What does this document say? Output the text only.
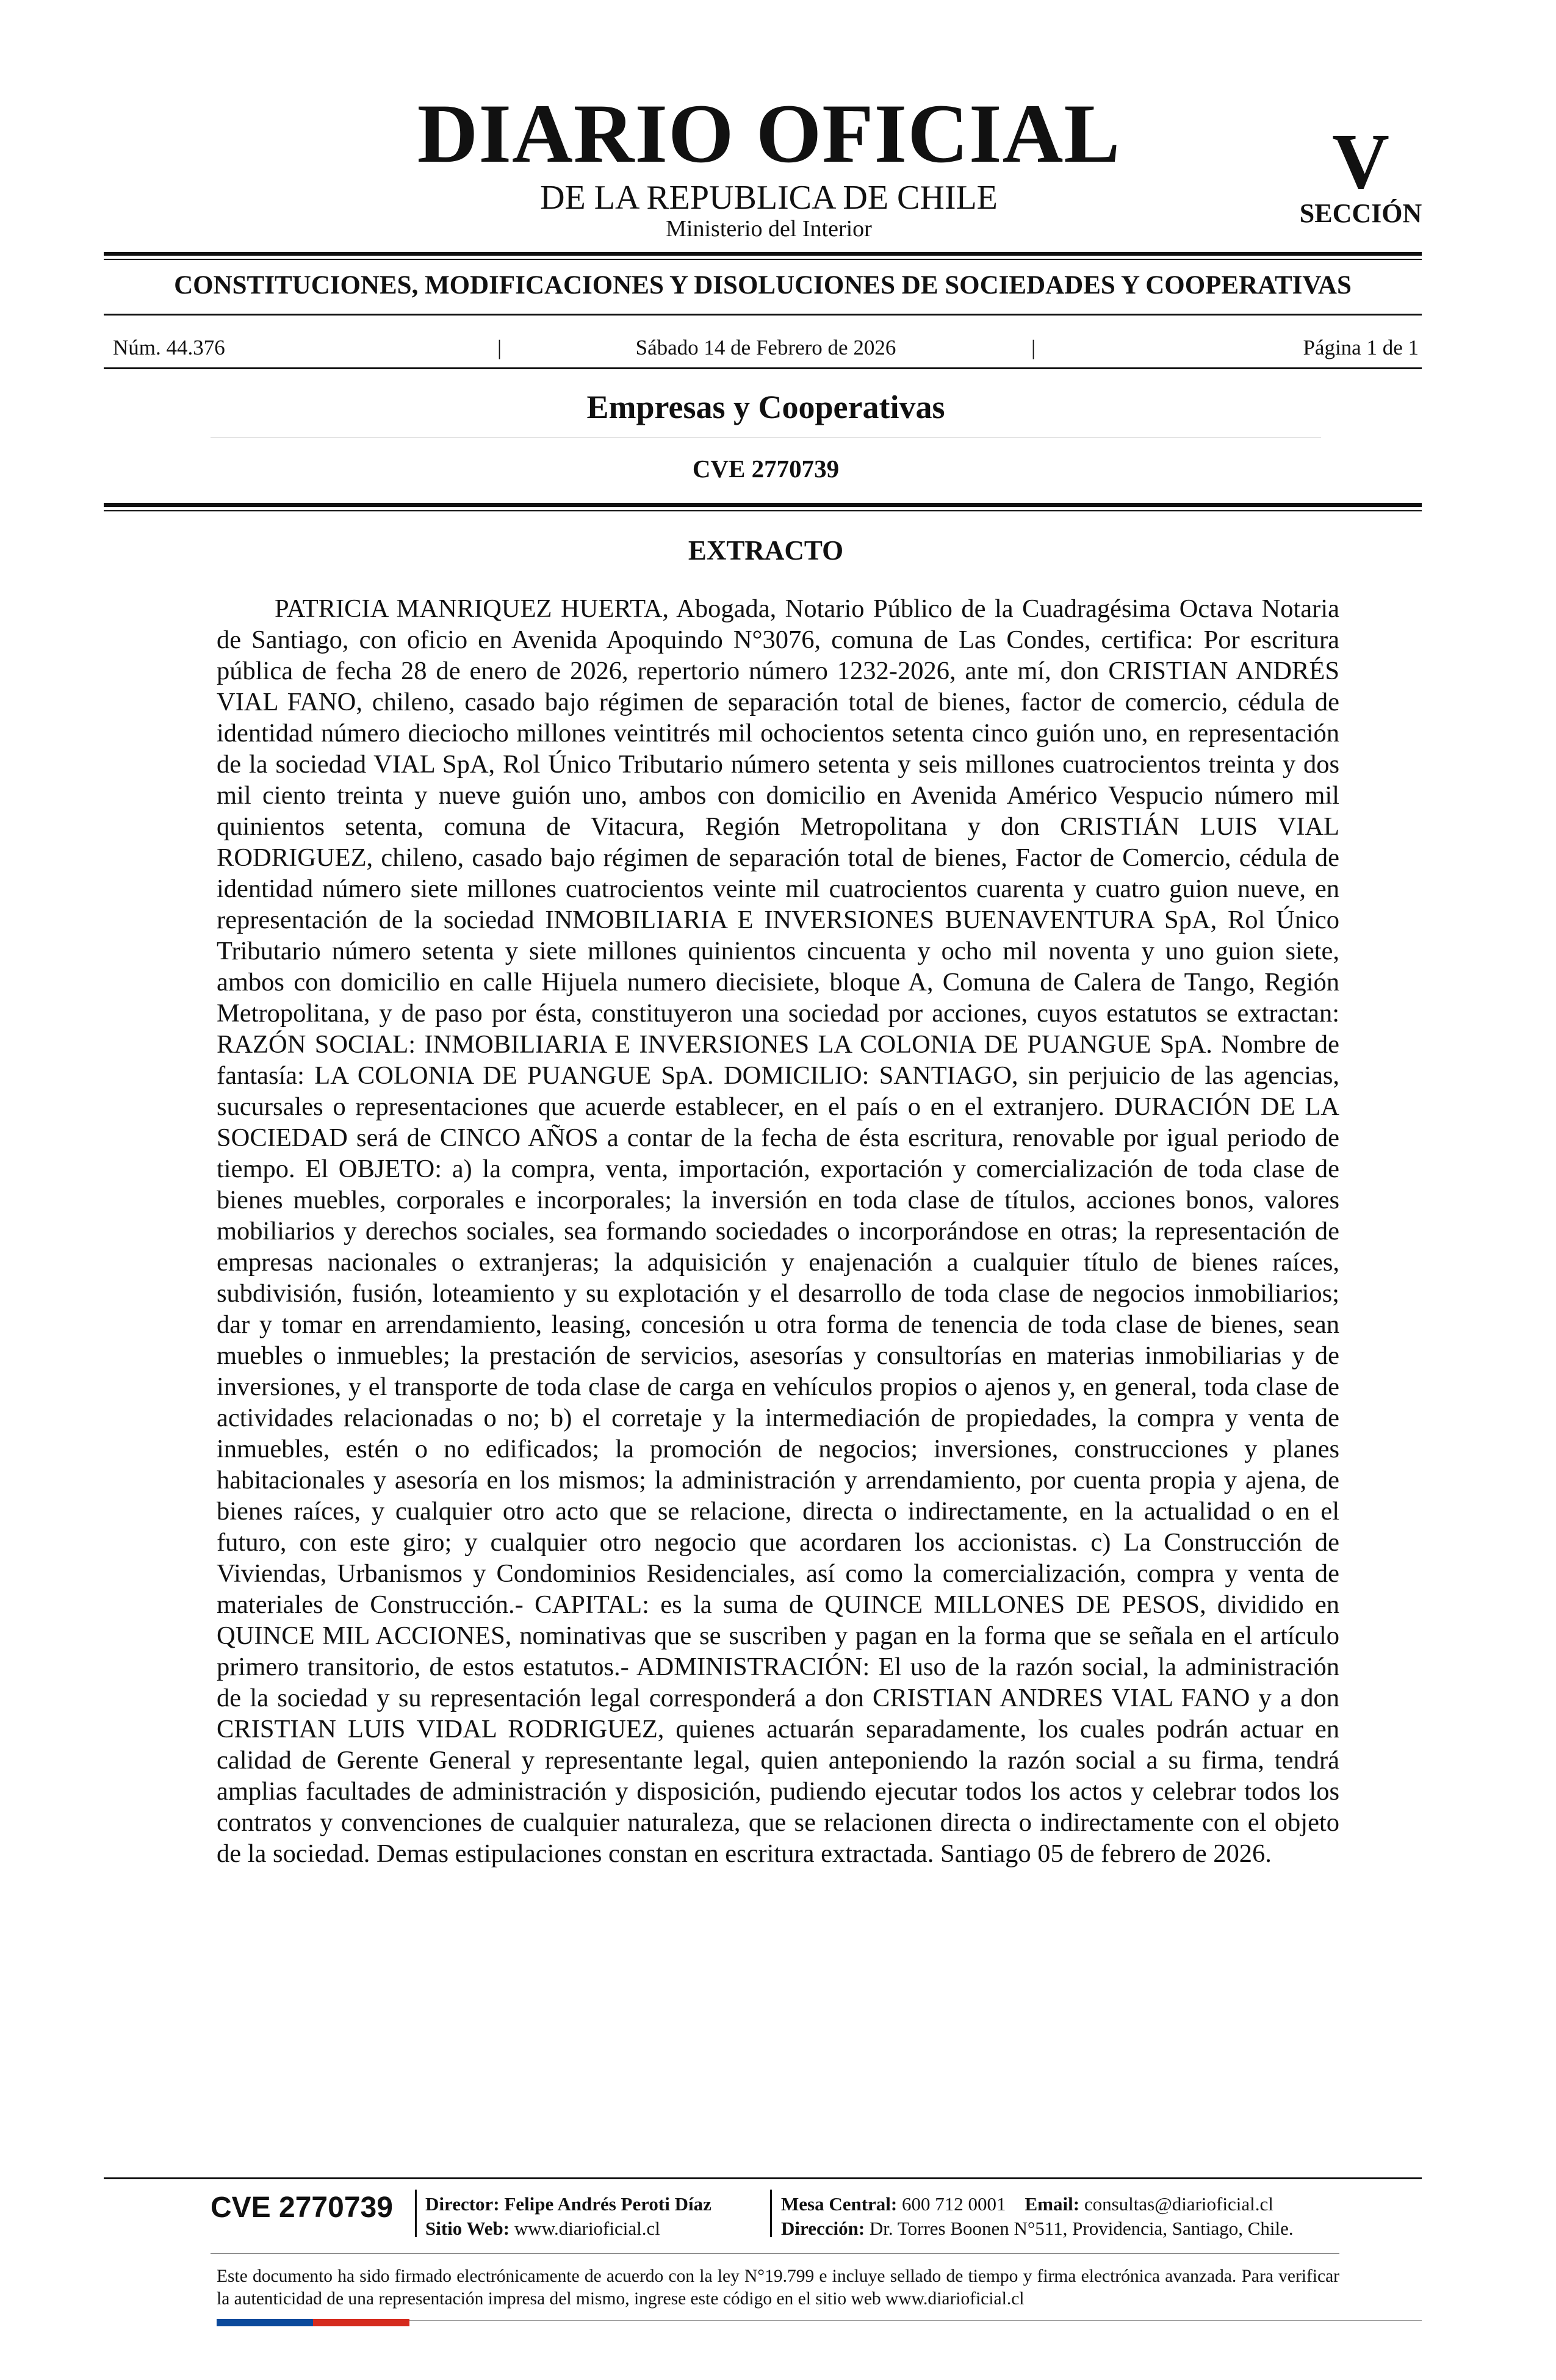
DIARIO OFICIAL
DE LA REPUBLICA DE CHILE
Ministerio del Interior
V
SECCIÓN
CONSTITUCIONES, MODIFICACIONES Y DISOLUCIONES DE SOCIEDADES Y COOPERATIVAS
Núm. 44.376	|	Sábado 14 de Febrero de 2026	|	Página 1 de 1
Empresas y Cooperativas
CVE 2770739
EXTRACTO

PATRICIA MANRIQUEZ HUERTA, Abogada, Notario Público de la Cuadragésima Octava Notaria de Santiago, con oficio en Avenida Apoquindo N°3076, comuna de Las Condes, certifica: Por escritura pública de fecha 28 de enero de 2026, repertorio número 1232-2026, ante mí, don CRISTIAN ANDRÉS VIAL FANO, chileno, casado bajo régimen de separación total de bienes, factor de comercio, cédula de identidad número dieciocho millones veintitrés mil ochocientos setenta cinco guión uno, en representación de la sociedad VIAL SpA, Rol Único Tributario número setenta y seis millones cuatrocientos treinta y dos mil ciento treinta y nueve guión uno, ambos con domicilio en Avenida Américo Vespucio número mil quinientos setenta, comuna de Vitacura, Región Metropolitana y don CRISTIÁN LUIS VIAL RODRIGUEZ, chileno, casado bajo régimen de separación total de bienes, Factor de Comercio, cédula de identidad número siete millones cuatrocientos veinte mil cuatrocientos cuarenta y cuatro guion nueve, en representación de la sociedad INMOBILIARIA E INVERSIONES BUENAVENTURA SpA, Rol Único Tributario número setenta y siete millones quinientos cincuenta y ocho mil noventa y uno guion siete, ambos con domicilio en calle Hijuela numero diecisiete, bloque A, Comuna de Calera de Tango, Región Metropolitana, y de paso por ésta, constituyeron una sociedad por acciones, cuyos estatutos se extractan: RAZÓN SOCIAL: INMOBILIARIA E INVERSIONES LA COLONIA DE PUANGUE SpA. Nombre de fantasía: LA COLONIA DE PUANGUE SpA. DOMICILIO: SANTIAGO, sin perjuicio de las agencias, sucursales o representaciones que acuerde establecer, en el país o en el extranjero. DURACIÓN DE LA SOCIEDAD será de CINCO AÑOS a contar de la fecha de ésta escritura, renovable por igual periodo de tiempo. El OBJETO: a) la compra, venta, importación, exportación y comercialización de toda clase de bienes muebles, corporales e incorporales; la inversión en toda clase de títulos, acciones bonos, valores mobiliarios y derechos sociales, sea formando sociedades o incorporándose en otras; la representación de empresas nacionales o extranjeras; la adquisición y enajenación a cualquier título de bienes raíces, subdivisión, fusión, loteamiento y su explotación y el desarrollo de toda clase de negocios inmobiliarios; dar y tomar en arrendamiento, leasing, concesión u otra forma de tenencia de toda clase de bienes, sean muebles o inmuebles; la prestación de servicios, asesorías y consultorías en materias inmobiliarias y de inversiones, y el transporte de toda clase de carga en vehículos propios o ajenos y, en general, toda clase de actividades relacionadas o no; b) el corretaje y la intermediación de propiedades, la compra y venta de inmuebles, estén o no edificados; la promoción de negocios; inversiones, construcciones y planes habitacionales y asesoría en los mismos; la administración y arrendamiento, por cuenta propia y ajena, de bienes raíces, y cualquier otro acto que se relacione, directa o indirectamente, en la actualidad o en el futuro, con este giro; y cualquier otro negocio que acordaren los accionistas. c) La Construcción de Viviendas, Urbanismos y Condominios Residenciales, así como la comercialización, compra y venta de materiales de Construcción.- CAPITAL: es la suma de QUINCE MILLONES DE PESOS, dividido en QUINCE MIL ACCIONES, nominativas que se suscriben y pagan en la forma que se señala en el artículo primero transitorio, de estos estatutos.- ADMINISTRACIÓN: El uso de la razón social, la administración de la sociedad y su representación legal corresponderá a don CRISTIAN ANDRES VIAL FANO y a don CRISTIAN LUIS VIDAL RODRIGUEZ, quienes actuarán separadamente, los cuales podrán actuar en calidad de Gerente General y representante legal, quien anteponiendo la razón social a su firma, tendrá amplias facultades de administración y disposición, pudiendo ejecutar todos los actos y celebrar todos los contratos y convenciones de cualquier naturaleza, que se relacionen directa o indirectamente con el objeto de la sociedad. Demas estipulaciones constan en escritura extractada. Santiago 05 de febrero de 2026.

CVE 2770739	Director: Felipe Andrés Peroti Díaz
Sitio Web: www.diarioficial.cl
Mesa Central: 600 712 0001 Email: consultas@diarioficial.cl
Dirección: Dr. Torres Boonen N°511, Providencia, Santiago, Chile.

Este documento ha sido firmado electrónicamente de acuerdo con la ley N°19.799 e incluye sellado de tiempo y firma electrónica avanzada. Para verificar la autenticidad de una representación impresa del mismo, ingrese este código en el sitio web www.diarioficial.cl
